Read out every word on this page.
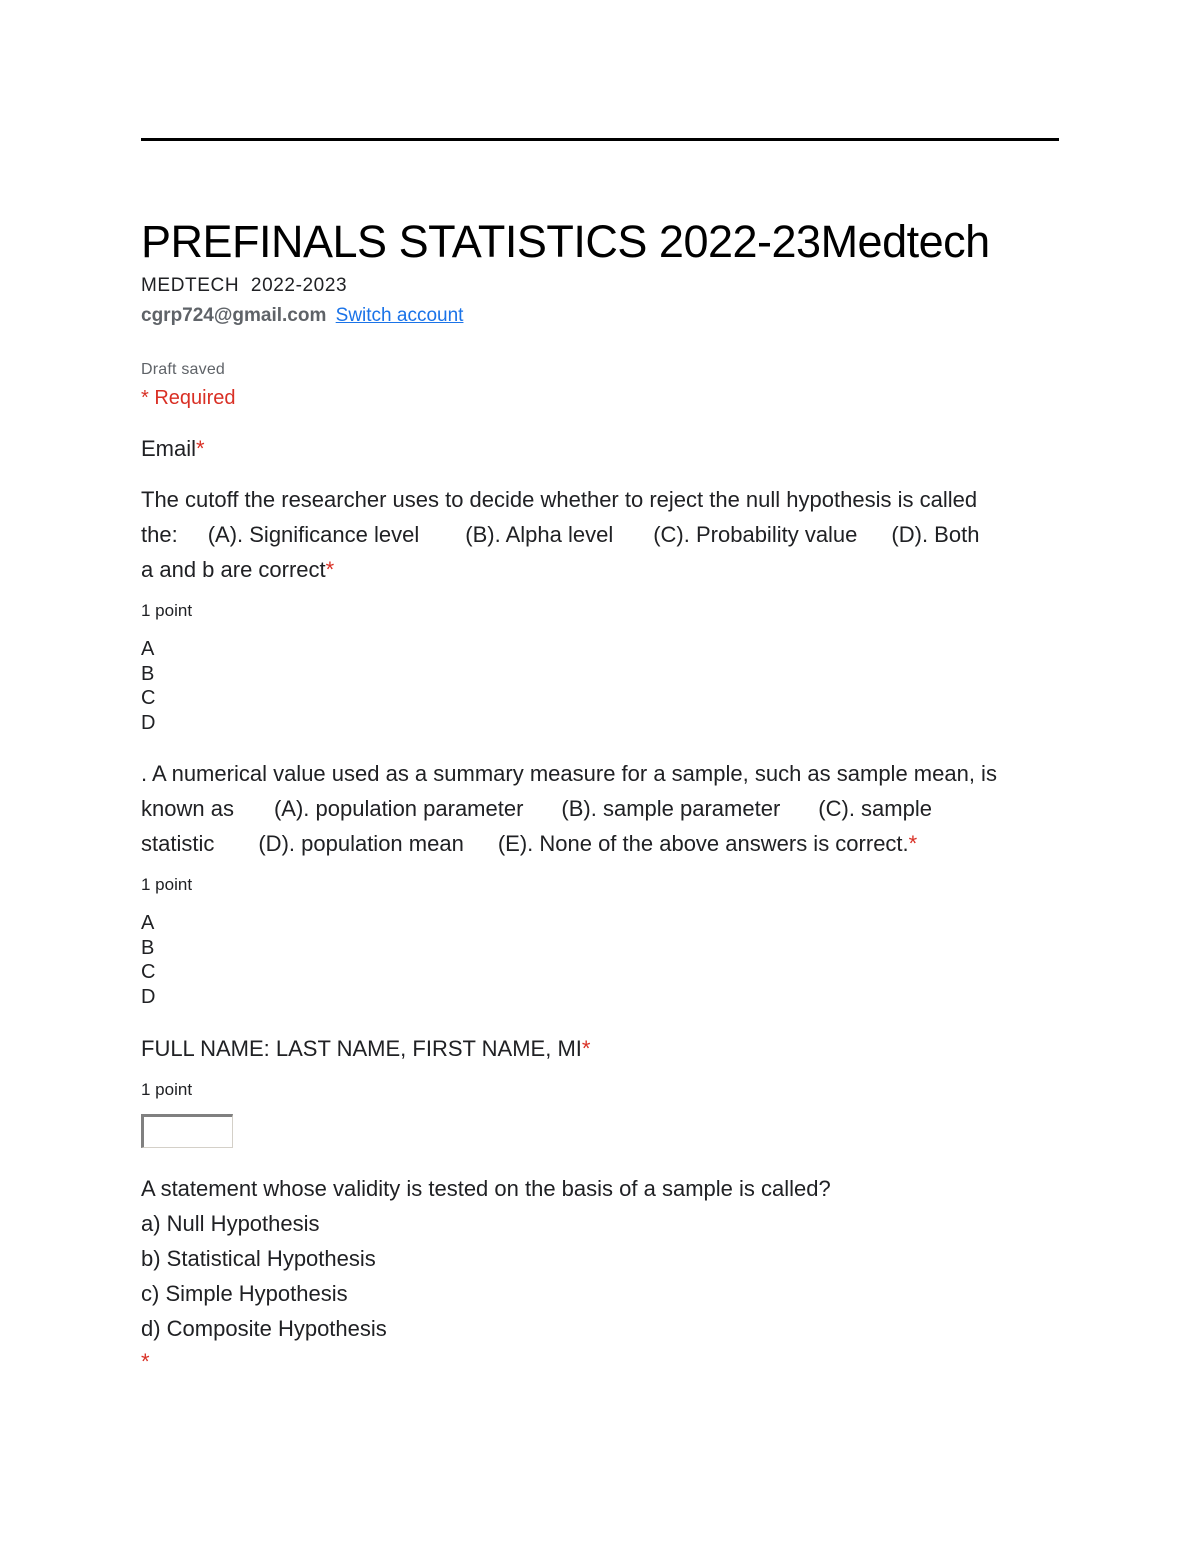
PREFINALS STATISTICS 2022-23Medtech
MEDTECH  2022-2023
cgrp724@gmail.com Switch account
Draft saved
* Required
Email*
The cutoff the researcher uses to decide whether to reject the null hypothesis is called
the: (A). Significance level (B). Alpha level (C). Probability value (D). Both
a and b are correct*
1 point
A
B
C
D
. A numerical value used as a summary measure for a sample, such as sample mean, is
known as (A). population parameter (B). sample parameter (C). sample
statistic (D). population mean (E). None of the above answers is correct.*
1 point
A
B
C
D
FULL NAME: LAST NAME, FIRST NAME, MI*
1 point
A statement whose validity is tested on the basis of a sample is called?
a) Null Hypothesis
b) Statistical Hypothesis
c) Simple Hypothesis
d) Composite Hypothesis
*
